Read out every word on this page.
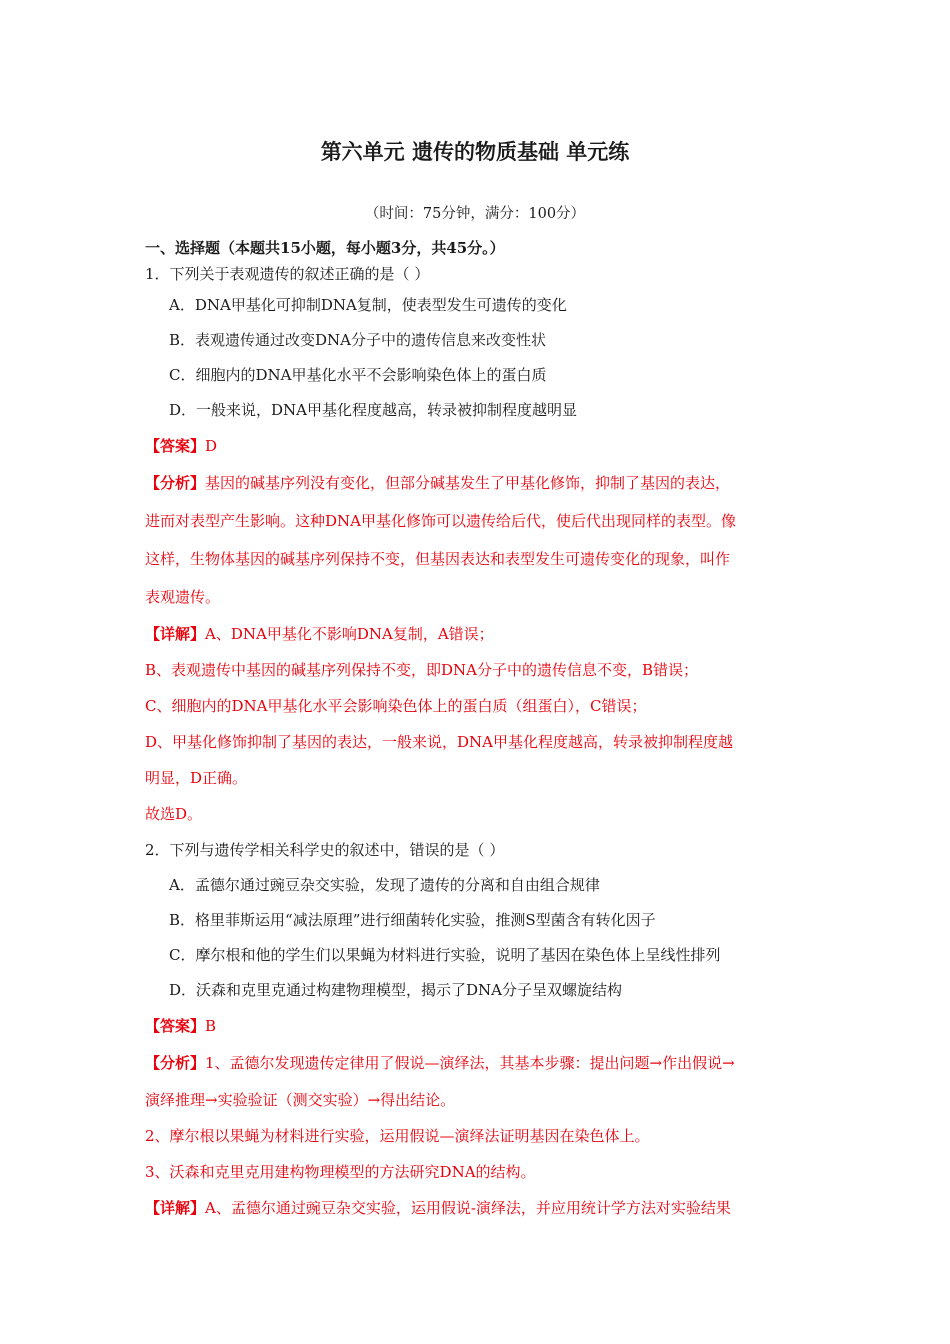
第六单元 遗传的物质基础 单元练
（时间：75分钟，满分：100分）
一、选择题（本题共15小题，每小题3分，共45分。）
1．下列关于表观遗传的叙述正确的是（ ）
A．DNA甲基化可抑制DNA复制，使表型发生可遗传的变化
B．表观遗传通过改变DNA分子中的遗传信息来改变性状
C．细胞内的DNA甲基化水平不会影响染色体上的蛋白质
D．一般来说，DNA甲基化程度越高，转录被抑制程度越明显
【答案】D
【分析】基因的碱基序列没有变化，但部分碱基发生了甲基化修饰，抑制了基因的表达，
进而对表型产生影响。这种DNA甲基化修饰可以遗传给后代，使后代出现同样的表型。像
这样，生物体基因的碱基序列保持不变，但基因表达和表型发生可遗传变化的现象，叫作
表观遗传。
【详解】A、DNA甲基化不影响DNA复制，A错误；
B、表观遗传中基因的碱基序列保持不变，即DNA分子中的遗传信息不变，B错误；
C、细胞内的DNA甲基化水平会影响染色体上的蛋白质（组蛋白），C错误；
D、甲基化修饰抑制了基因的表达，一般来说，DNA甲基化程度越高，转录被抑制程度越
明显，D正确。
故选D。
2．下列与遗传学相关科学史的叙述中，错误的是（ ）
A．孟德尔通过豌豆杂交实验，发现了遗传的分离和自由组合规律
B．格里菲斯运用“减法原理”进行细菌转化实验，推测S型菌含有转化因子
C．摩尔根和他的学生们以果蝇为材料进行实验，说明了基因在染色体上呈线性排列
D．沃森和克里克通过构建物理模型，揭示了DNA分子呈双螺旋结构
【答案】B
【分析】1、孟德尔发现遗传定律用了假说—演绎法，其基本步骤：提出问题→作出假说→
演绎推理→实验验证（测交实验）→得出结论。
2、摩尔根以果蝇为材料进行实验，运用假说—演绎法证明基因在染色体上。
3、沃森和克里克用建构物理模型的方法研究DNA的结构。
【详解】A、孟德尔通过豌豆杂交实验，运用假说-演绎法，并应用统计学方法对实验结果
